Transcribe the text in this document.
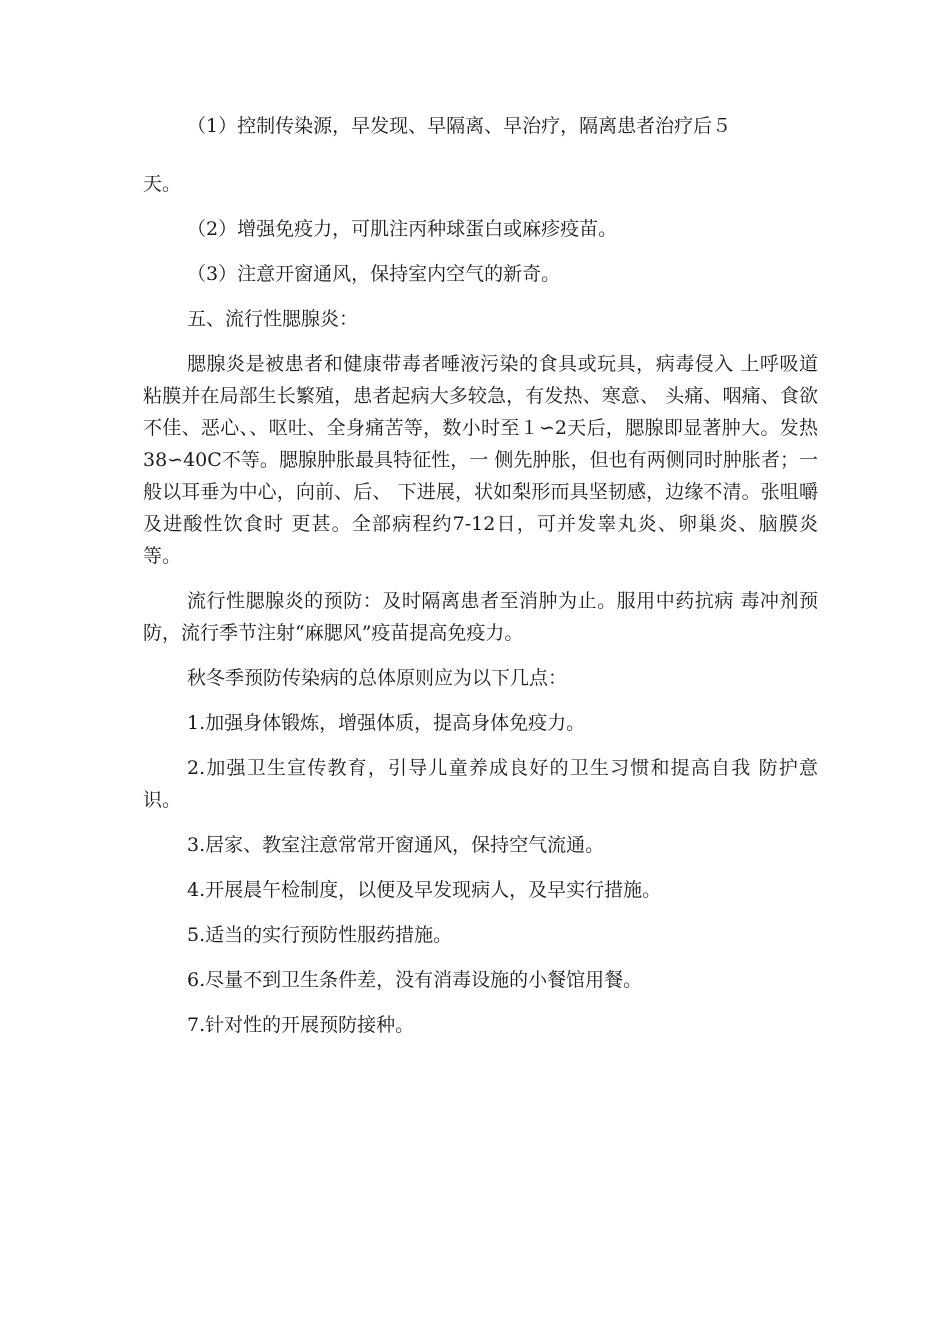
（1）控制传染源，早发现、早隔离、早治疗，隔离患者治疗后５

天。

（2）增强免疫力，可肌注丙种球蛋白或麻疹疫苗。

（3）注意开窗通风，保持室内空气的新奇。

五、流行性腮腺炎：

腮腺炎是被患者和健康带毒者唾液污染的食具或玩具，病毒侵入 上呼吸道粘膜并在局部生长繁殖，患者起病大多较急，有发热、寒意、 头痛、咽痛、食欲不佳、恶心、、呕吐、全身痛苦等，数小时至１∽2天后，腮腺即显著肿大。发热38∽40C不等。腮腺肿胀最具特征性，一 侧先肿胀，但也有两侧同时肿胀者；一般以耳垂为中心，向前、后、 下进展，状如梨形而具坚韧感，边缘不清。张咀嚼及进酸性饮食时 更甚。全部病程约7-12日，可并发睾丸炎、卵巢炎、脑膜炎等。

流行性腮腺炎的预防：及时隔离患者至消肿为止。服用中药抗病 毒冲剂预防，流行季节注射“麻腮风”疫苗提高免疫力。

秋冬季预防传染病的总体原则应为以下几点：

1.加强身体锻炼，增强体质，提高身体免疫力。

2.加强卫生宣传教育，引导儿童养成良好的卫生习惯和提高自我 防护意识。

3.居家、教室注意常常开窗通风，保持空气流通。

4.开展晨午检制度，以便及早发现病人，及早实行措施。

5.适当的实行预防性服药措施。

6.尽量不到卫生条件差，没有消毒设施的小餐馆用餐。

7.针对性的开展预防接种。
